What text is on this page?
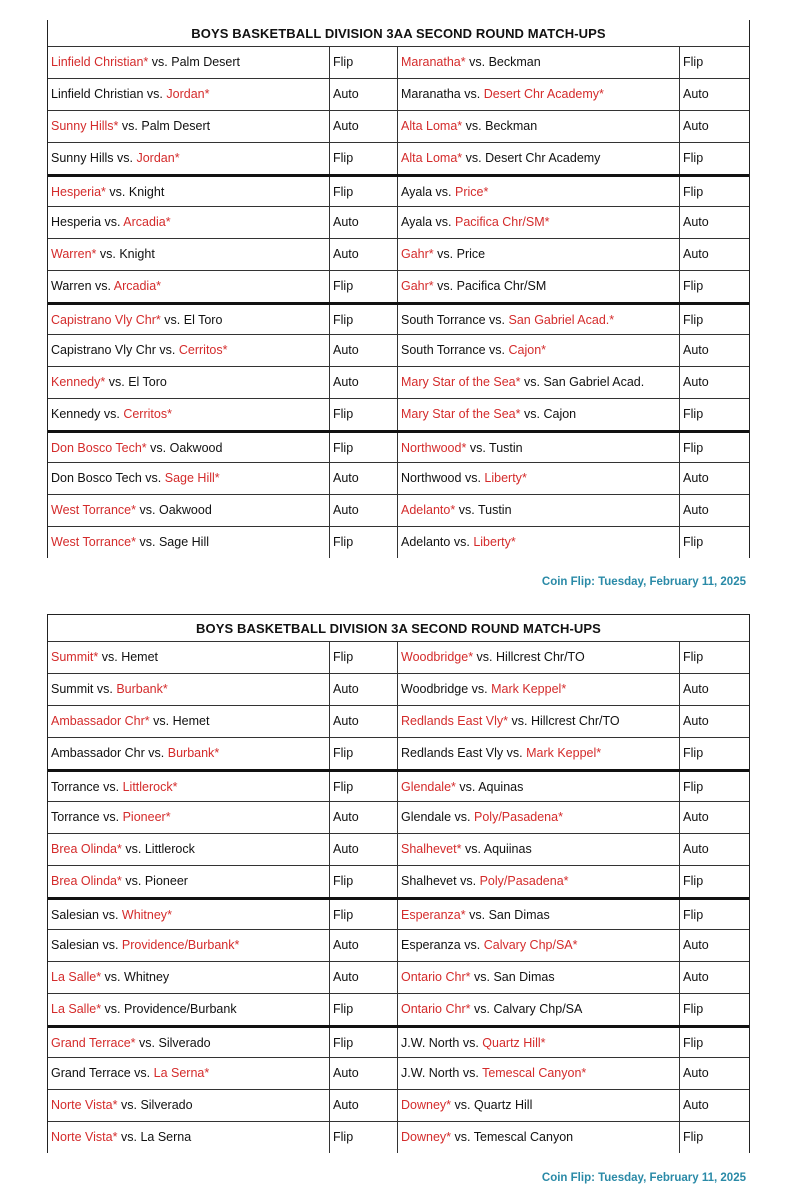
BOYS BASKETBALL DIVISION 3AA SECOND ROUND MATCH-UPS
Linfield Christian* vs. Palm Desert	Flip	Maranatha* vs. Beckman	Flip
Linfield Christian vs. Jordan*	Auto	Maranatha vs. Desert Chr Academy*	Auto
Sunny Hills* vs. Palm Desert	Auto	Alta Loma* vs. Beckman	Auto
Sunny Hills vs. Jordan*	Flip	Alta Loma* vs. Desert Chr Academy	Flip
Hesperia* vs. Knight	Flip	Ayala vs. Price*	Flip
Hesperia vs. Arcadia*	Auto	Ayala vs. Pacifica Chr/SM*	Auto
Warren* vs. Knight	Auto	Gahr* vs. Price	Auto
Warren vs. Arcadia*	Flip	Gahr* vs. Pacifica Chr/SM	Flip
Capistrano Vly Chr* vs. El Toro	Flip	South Torrance vs. San Gabriel Acad.*	Flip
Capistrano Vly Chr vs. Cerritos*	Auto	South Torrance vs. Cajon*	Auto
Kennedy* vs. El Toro	Auto	Mary Star of the Sea* vs. San Gabriel Acad.	Auto
Kennedy vs. Cerritos*	Flip	Mary Star of the Sea* vs. Cajon	Flip
Don Bosco Tech* vs. Oakwood	Flip	Northwood* vs. Tustin	Flip
Don Bosco Tech vs. Sage Hill*	Auto	Northwood vs. Liberty*	Auto
West Torrance* vs. Oakwood	Auto	Adelanto* vs. Tustin	Auto
West Torrance* vs. Sage Hill	Flip	Adelanto vs. Liberty*	Flip
Coin Flip: Tuesday, February 11, 2025
BOYS BASKETBALL DIVISION 3A SECOND ROUND MATCH-UPS
Summit* vs. Hemet	Flip	Woodbridge* vs. Hillcrest Chr/TO	Flip
Summit vs. Burbank*	Auto	Woodbridge vs. Mark Keppel*	Auto
Ambassador Chr* vs. Hemet	Auto	Redlands East Vly* vs. Hillcrest Chr/TO	Auto
Ambassador Chr vs. Burbank*	Flip	Redlands East Vly vs. Mark Keppel*	Flip
Torrance vs. Littlerock*	Flip	Glendale* vs. Aquinas	Flip
Torrance vs. Pioneer*	Auto	Glendale vs. Poly/Pasadena*	Auto
Brea Olinda* vs. Littlerock	Auto	Shalhevet* vs. Aquiinas	Auto
Brea Olinda* vs. Pioneer	Flip	Shalhevet vs. Poly/Pasadena*	Flip
Salesian vs. Whitney*	Flip	Esperanza* vs. San Dimas	Flip
Salesian vs. Providence/Burbank*	Auto	Esperanza vs. Calvary Chp/SA*	Auto
La Salle* vs. Whitney	Auto	Ontario Chr* vs. San Dimas	Auto
La Salle* vs. Providence/Burbank	Flip	Ontario Chr* vs. Calvary Chp/SA	Flip
Grand Terrace* vs. Silverado	Flip	J.W. North vs. Quartz Hill*	Flip
Grand Terrace vs. La Serna*	Auto	J.W. North vs. Temescal Canyon*	Auto
Norte Vista* vs. Silverado	Auto	Downey* vs. Quartz Hill	Auto
Norte Vista* vs. La Serna	Flip	Downey* vs. Temescal Canyon	Flip
Coin Flip: Tuesday, February 11, 2025
